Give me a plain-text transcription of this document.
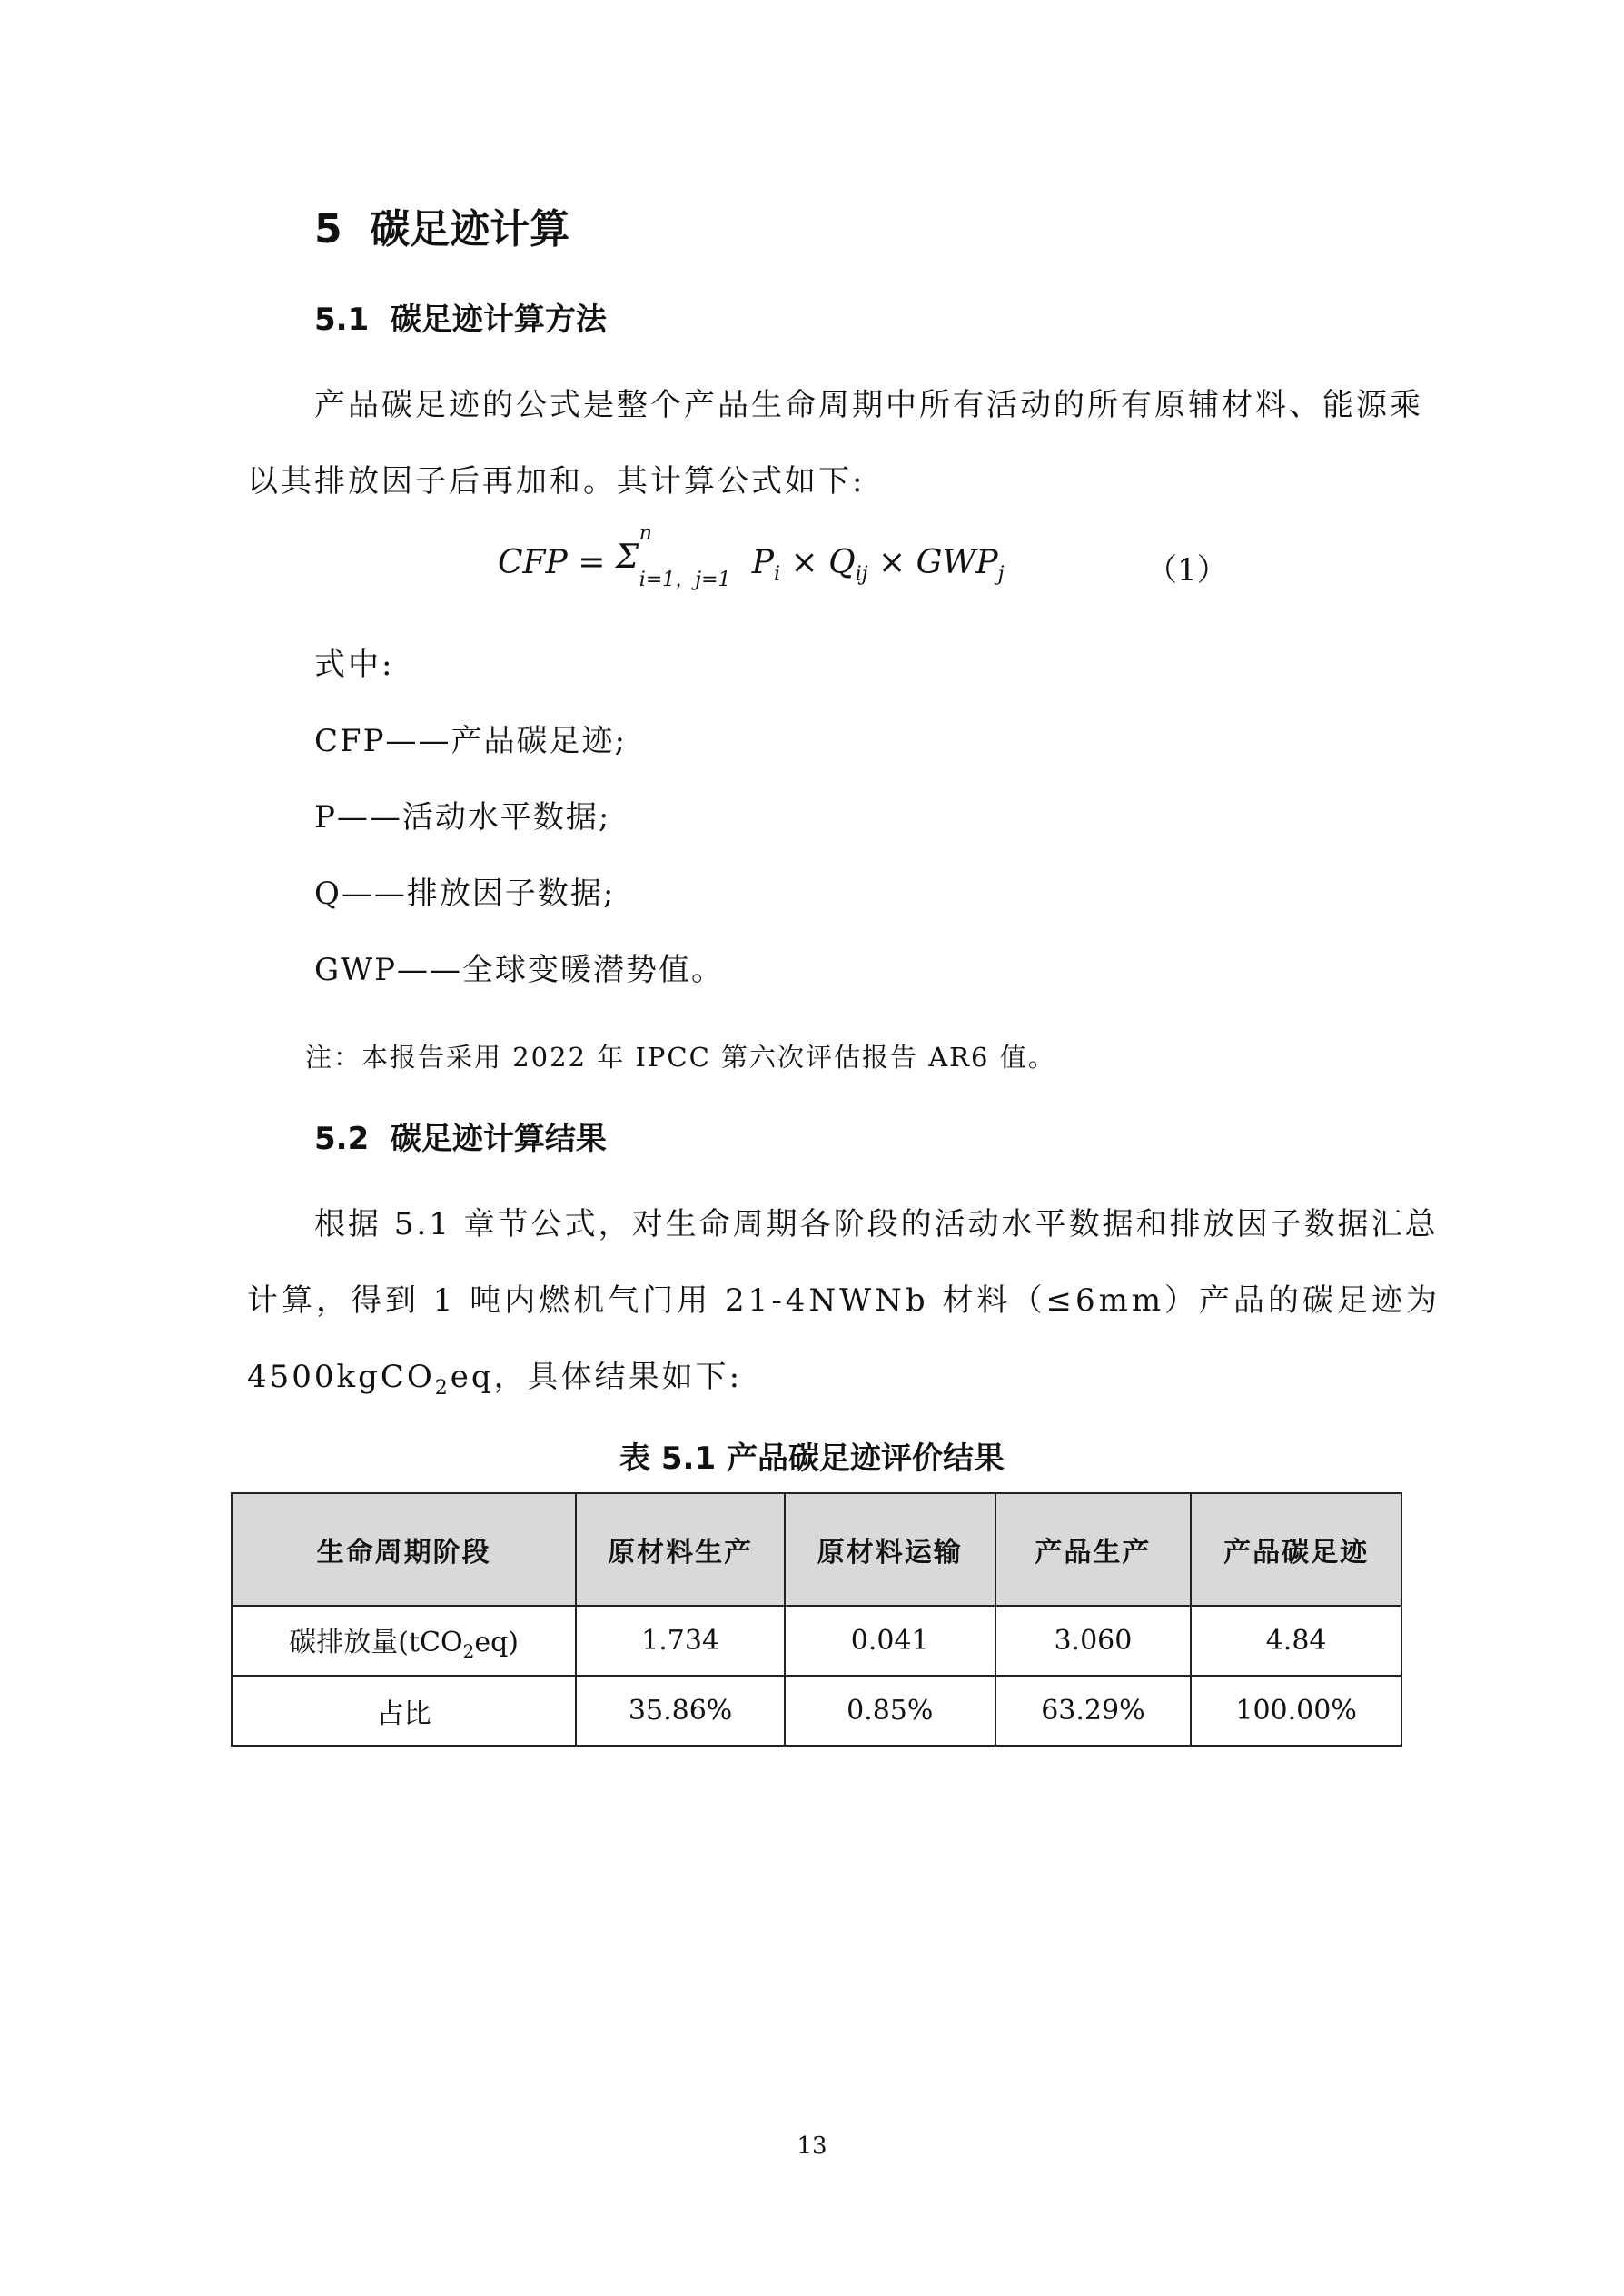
5 碳足迹计算
5.1 碳足迹计算方法
产品碳足迹的公式是整个产品生命周期中所有活动的所有原辅材料、能源乘
以其排放因子后再加和。其计算公式如下:
CFP = Σ
n
i=1，j=1 $P_i \times Q_{ij} \times GWP_j$	（1）
式中:
CFP——产品碳足迹;
P——活动水平数据;
Q——排放因子数据;
GWP——全球变暖潜势值。
注：本报告采用 2022 年 IPCC 第六次评估报告 AR6 值。
5.2 碳足迹计算结果
根据 5.1 章节公式，对生命周期各阶段的活动水平数据和排放因子数据汇总
计算，得到 1 吨内燃机气门用 21-4NWNb 材料（≤6mm）产品的碳足迹为
4500kgCO$_2$eq，具体结果如下:
表 5.1 产品碳足迹评价结果
生命周期阶段	原材料生产	原材料运输	产品生产	产品碳足迹
碳排放量(tCO$_2$eq)	1.734	0.041	3.060	4.84
占比	35.86%	0.85%	63.29%	100.00%
13
